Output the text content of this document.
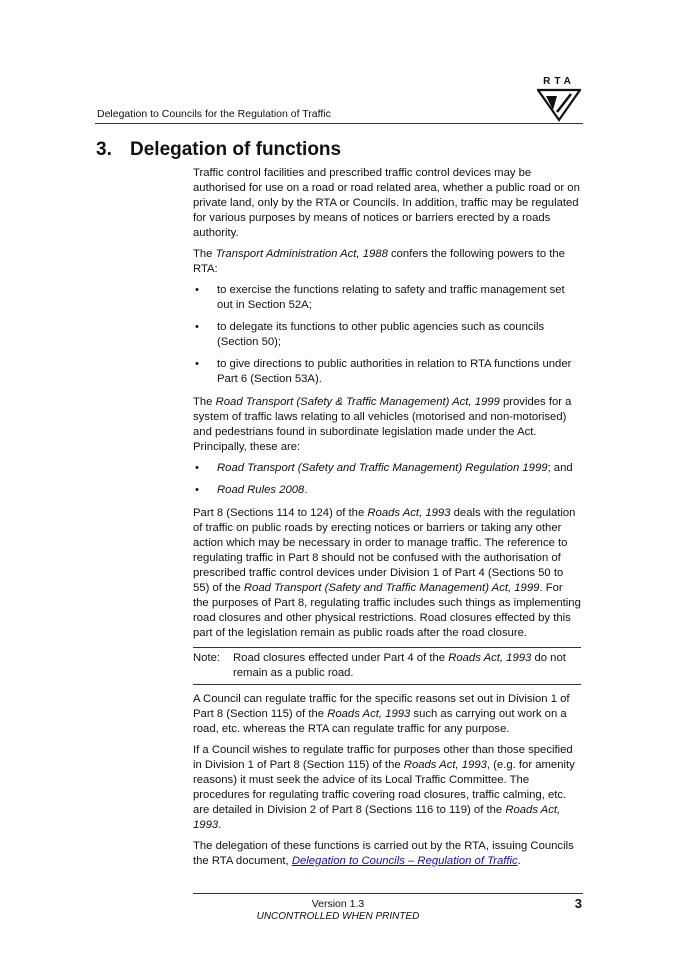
Delegation to Councils for the Regulation of Traffic
RTA
3. Delegation of functions

Traffic control facilities and prescribed traffic control devices may be authorised for use on a road or road related area, whether a public road or on private land, only by the RTA or Councils. In addition, traffic may be regulated for various purposes by means of notices or barriers erected by a roads authority.

The Transport Administration Act, 1988 confers the following powers to the RTA:

• to exercise the functions relating to safety and traffic management set out in Section 52A;
• to delegate its functions to other public agencies such as councils (Section 50);
• to give directions to public authorities in relation to RTA functions under Part 6 (Section 53A).

The Road Transport (Safety & Traffic Management) Act, 1999 provides for a system of traffic laws relating to all vehicles (motorised and non-motorised) and pedestrians found in subordinate legislation made under the Act. Principally, these are:

• Road Transport (Safety and Traffic Management) Regulation 1999; and
• Road Rules 2008.

Part 8 (Sections 114 to 124) of the Roads Act, 1993 deals with the regulation of traffic on public roads by erecting notices or barriers or taking any other action which may be necessary in order to manage traffic. The reference to regulating traffic in Part 8 should not be confused with the authorisation of prescribed traffic control devices under Division 1 of Part 4 (Sections 50 to 55) of the Road Transport (Safety and Traffic Management) Act, 1999. For the purposes of Part 8, regulating traffic includes such things as implementing road closures and other physical restrictions. Road closures effected by this part of the legislation remain as public roads after the road closure.

Note:	Road closures effected under Part 4 of the Roads Act, 1993 do not remain as a public road.

A Council can regulate traffic for the specific reasons set out in Division 1 of Part 8 (Section 115) of the Roads Act, 1993 such as carrying out work on a road, etc. whereas the RTA can regulate traffic for any purpose.

If a Council wishes to regulate traffic for purposes other than those specified in Division 1 of Part 8 (Section 115) of the Roads Act, 1993, (e.g. for amenity reasons) it must seek the advice of its Local Traffic Committee. The procedures for regulating traffic covering road closures, traffic calming, etc. are detailed in Division 2 of Part 8 (Sections 116 to 119) of the Roads Act, 1993.

The delegation of these functions is carried out by the RTA, issuing Councils the RTA document, Delegation to Councils – Regulation of Traffic.

Version 1.3
UNCONTROLLED WHEN PRINTED
3
